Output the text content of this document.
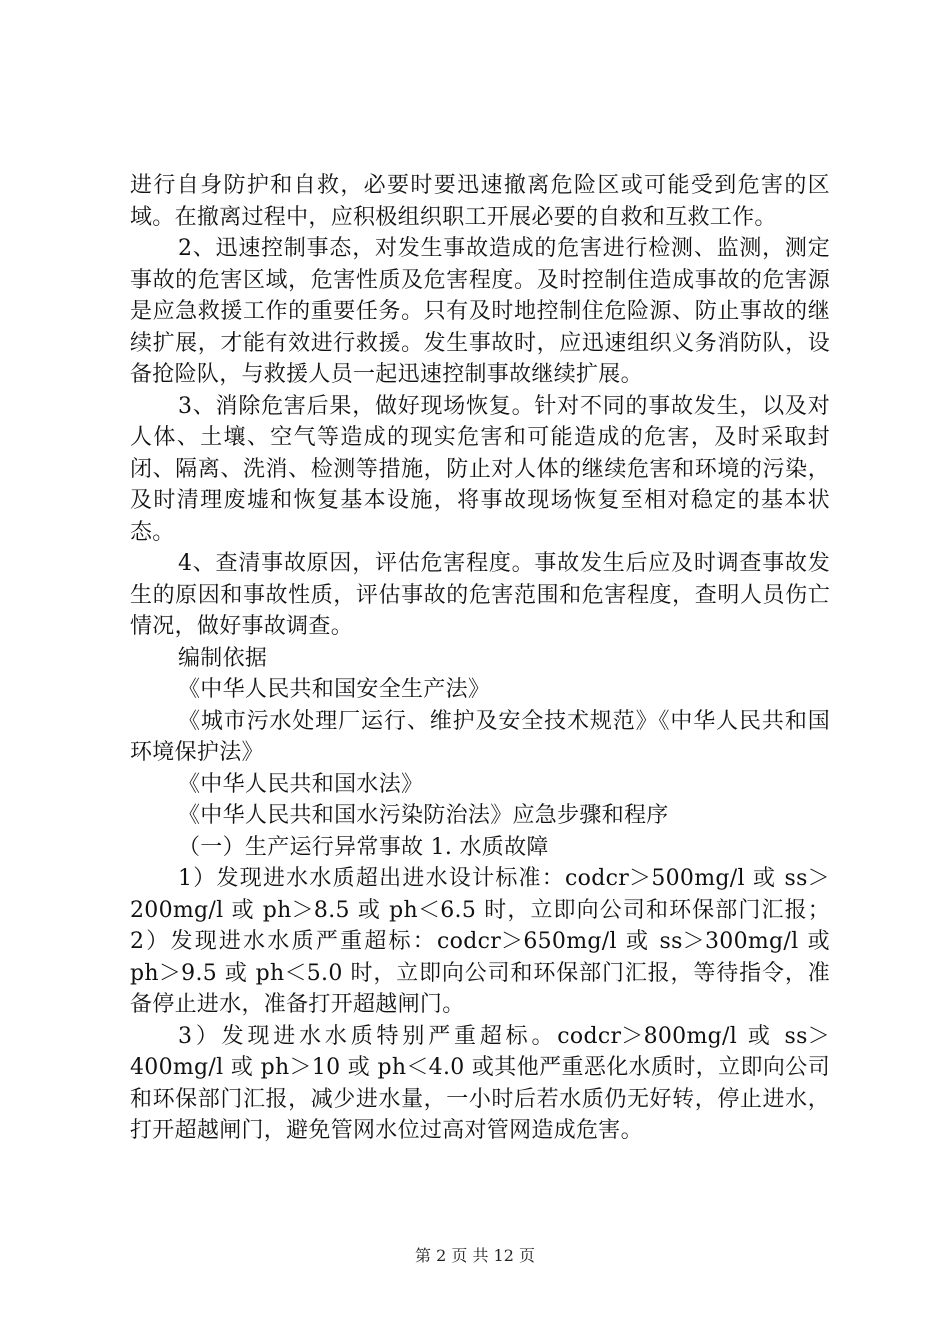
进行自身防护和自救，必要时要迅速撤离危险区或可能受到危害的区域。在撤离过程中，应积极组织职工开展必要的自救和互救工作。

2、迅速控制事态，对发生事故造成的危害进行检测、监测，测定事故的危害区域，危害性质及危害程度。及时控制住造成事故的危害源是应急救援工作的重要任务。只有及时地控制住危险源、防止事故的继续扩展，才能有效进行救援。发生事故时，应迅速组织义务消防队，设备抢险队，与救援人员一起迅速控制事故继续扩展。

3、消除危害后果，做好现场恢复。针对不同的事故发生，以及对人体、土壤、空气等造成的现实危害和可能造成的危害，及时采取封闭、隔离、洗消、检测等措施，防止对人体的继续危害和环境的污染，及时清理废墟和恢复基本设施，将事故现场恢复至相对稳定的基本状态。

4、查清事故原因，评估危害程度。事故发生后应及时调查事故发生的原因和事故性质，评估事故的危害范围和危害程度，查明人员伤亡情况，做好事故调查。

编制依据

《中华人民共和国安全生产法》

《城市污水处理厂运行、维护及安全技术规范》《中华人民共和国环境保护法》

《中华人民共和国水法》

《中华人民共和国水污染防治法》应急步骤和程序

（一）生产运行异常事故 1. 水质故障

1）发现进水水质超出进水设计标准：codcr＞500mg/l 或 ss＞200mg/l 或 ph＞8.5 或 ph＜6.5 时，立即向公司和环保部门汇报；2）发现进水水质严重超标：codcr＞650mg/l 或 ss＞300mg/l 或 ph＞9.5 或 ph＜5.0 时，立即向公司和环保部门汇报，等待指令，准备停止进水，准备打开超越闸门。

3）发现进水水质特别严重超标。codcr＞800mg/l 或 ss＞400mg/l 或 ph＞10 或 ph＜4.0 或其他严重恶化水质时，立即向公司和环保部门汇报，减少进水量，一小时后若水质仍无好转，停止进水，打开超越闸门，避免管网水位过高对管网造成危害。

第 2 页 共 12 页
